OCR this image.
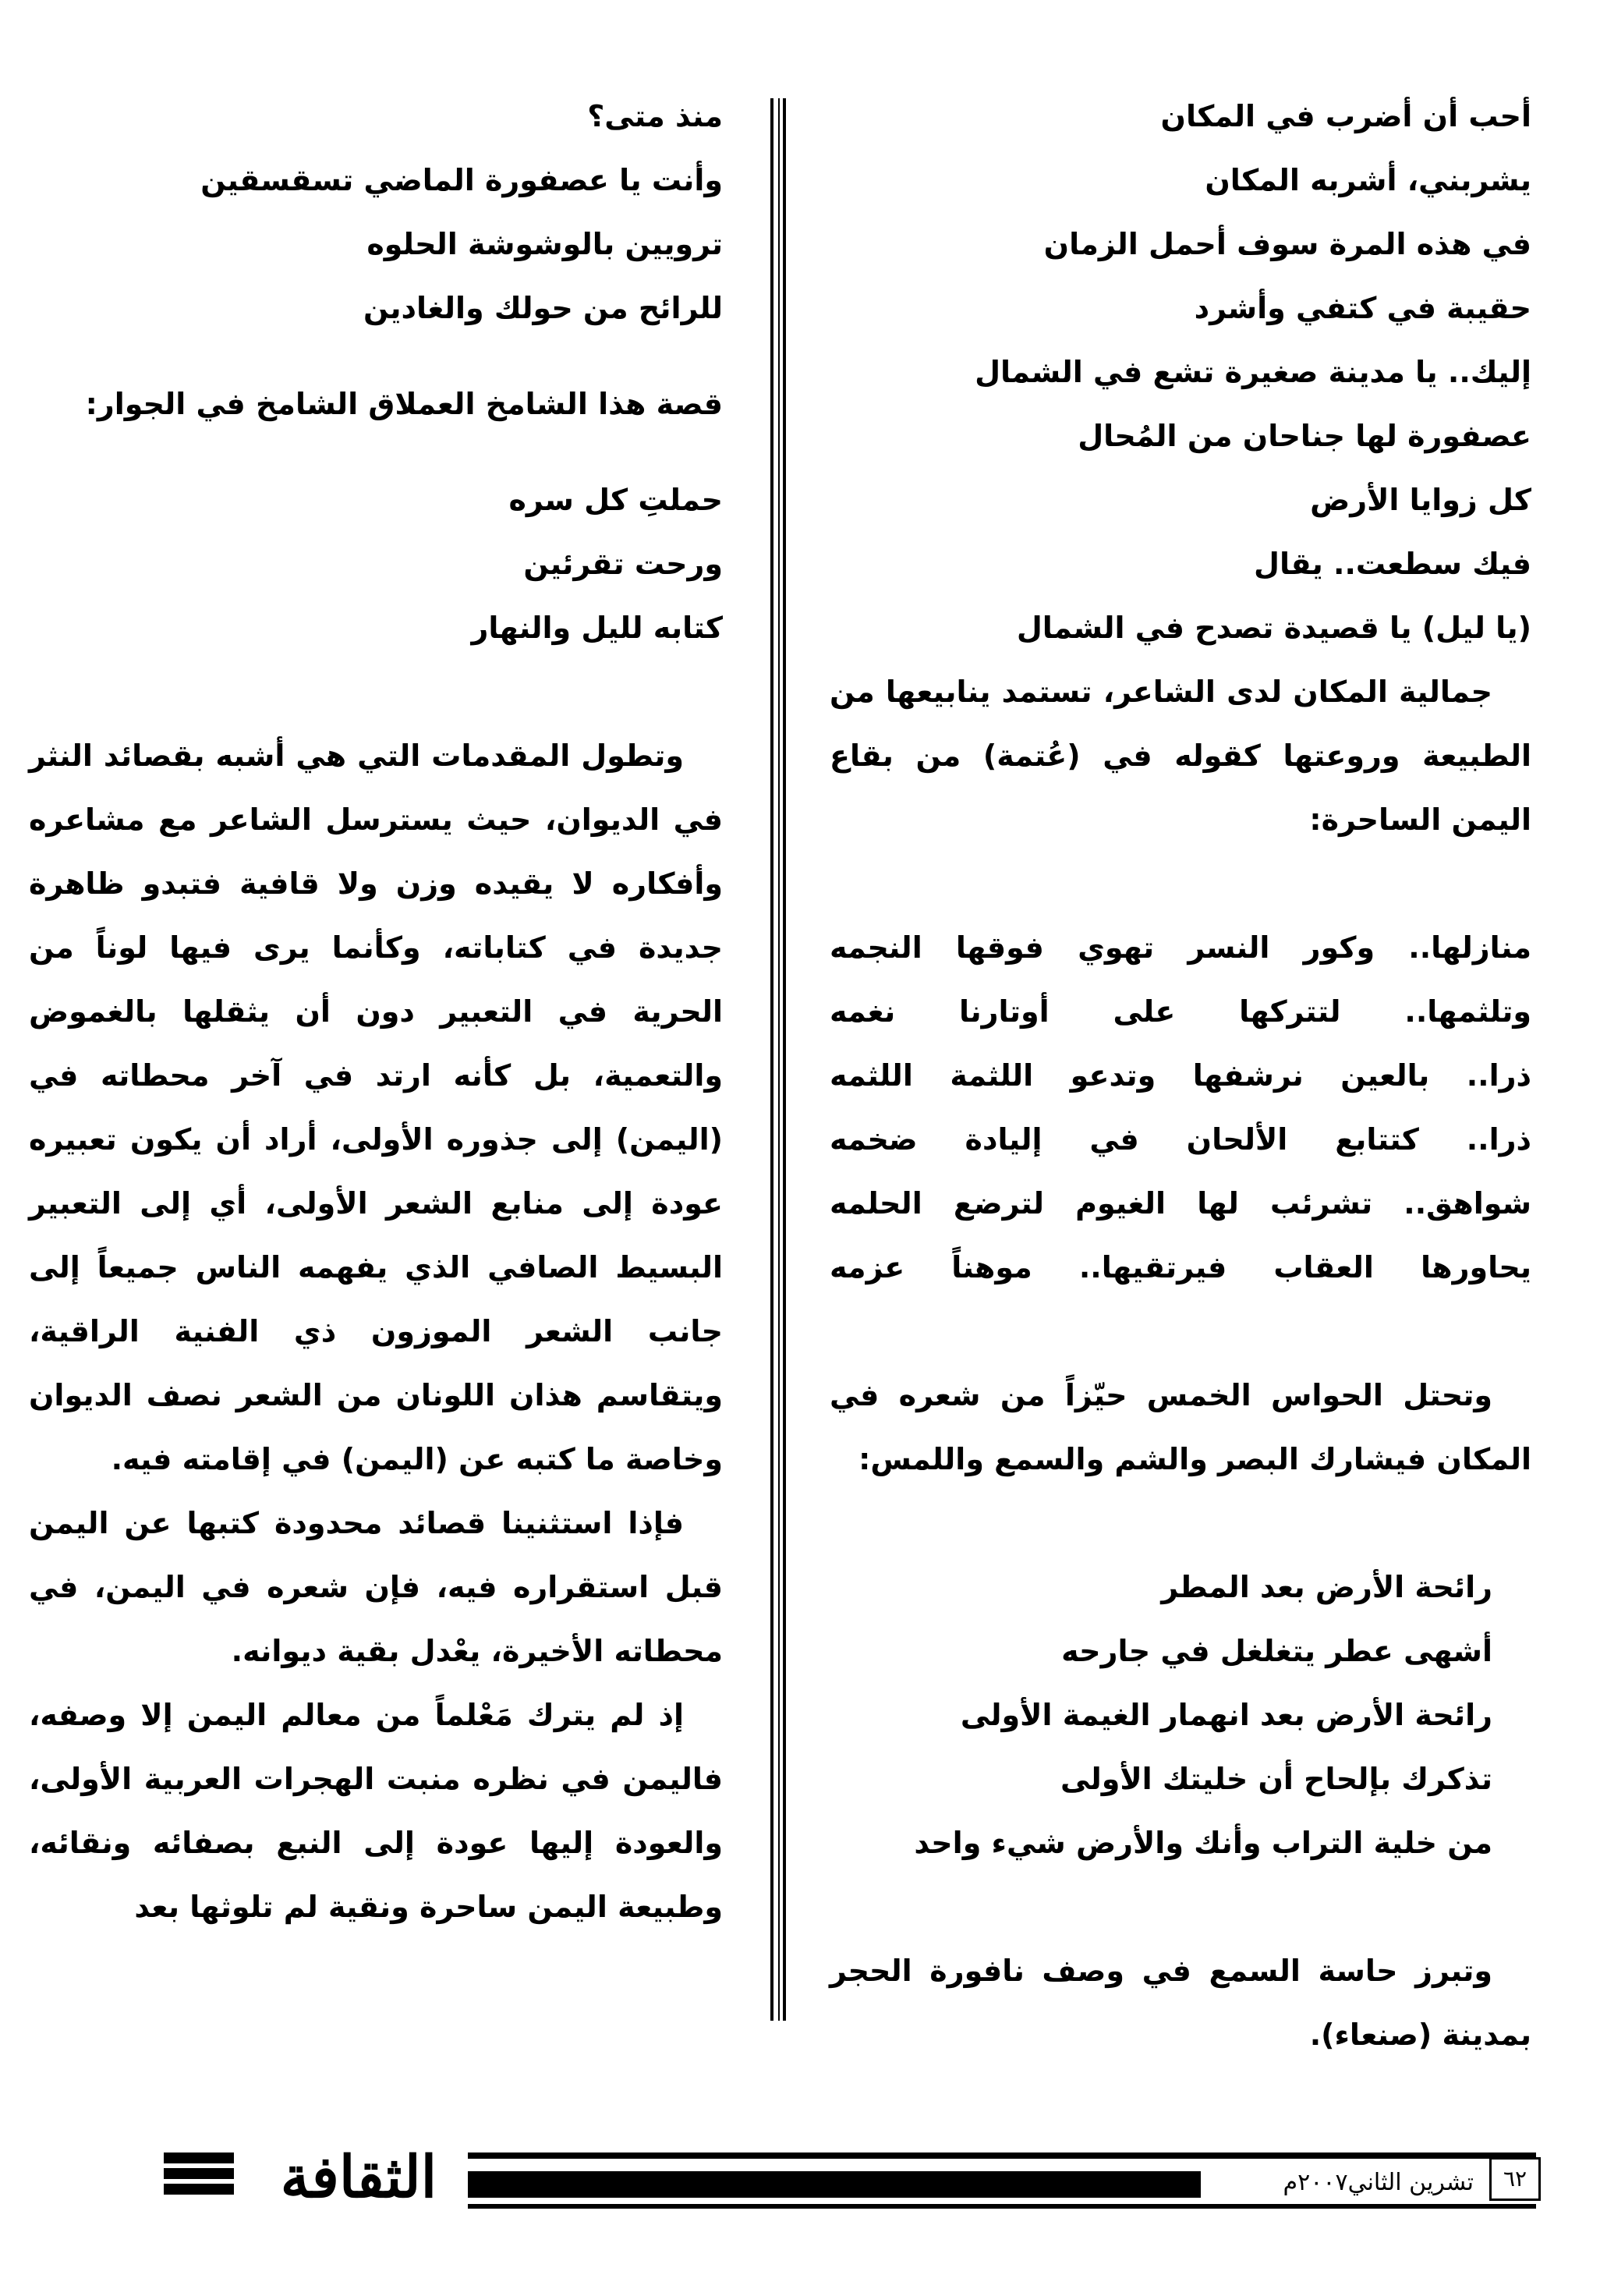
أحب أن أضرب في المكان
يشربني، أشربه المكان
في هذه المرة سوف أحمل الزمان
حقيبة في كتفي وأشرد
إليك.. يا مدينة صغيرة تشع في الشمال
عصفورة لها جناحان من المُحال
كل زوايا الأرض
فيك سطعت.. يقال
(يا ليل) يا قصيدة تصدح في الشمال
جمالية المكان لدى الشاعر، تستمد ينابيعها من الطبيعة وروعتها كقوله في (عُتمة) من بقاع اليمن الساحرة:
منازلها.. وكور النسر تهوي فوقها النجمه
وتلثمها.. لتتركها على أوتارنا نغمه
ذرا.. بالعين نرشفها وتدعو اللثمة اللثمه
ذرا.. كتتابع الألحان في إليادة ضخمه
شواهق.. تشرئب لها الغيوم لترضع الحلمه
يحاورها العقاب فيرتقيها.. موهناً عزمه
وتحتل الحواس الخمس حيّزاً من شعره في المكان فيشارك البصر والشم والسمع واللمس:
رائحة الأرض بعد المطر
أشهى عطر يتغلغل في جارحه
رائحة الأرض بعد انهمار الغيمة الأولى
تذكرك بإلحاح أن خليتك الأولى
من خلية التراب وأنك والأرض شيء واحد
وتبرز حاسة السمع في وصف نافورة الحجر بمدينة (صنعاء).
منذ متى؟
وأنت يا عصفورة الماضي تسقسقين
ترويين بالوشوشة الحلوه
للرائح من حولك والغادين
قصة هذا الشامخ العملاق الشامخ في الجوار:
حملتِ كل سره
ورحت تقرئين
كتابه لليل والنهار
وتطول المقدمات التي هي أشبه بقصائد النثر في الديوان، حيث يسترسل الشاعر مع مشاعره وأفكاره لا يقيده وزن ولا قافية فتبدو ظاهرة جديدة في كتاباته، وكأنما يرى فيها لوناً من الحرية في التعبير دون أن يثقلها بالغموض والتعمية، بل كأنه ارتد في آخر محطاته في (اليمن) إلى جذوره الأولى، أراد أن يكون تعبيره عودة إلى منابع الشعر الأولى، أي إلى التعبير البسيط الصافي الذي يفهمه الناس جميعاً إلى جانب الشعر الموزون ذي الفنية الراقية، ويتقاسم هذان اللونان من الشعر نصف الديوان وخاصة ما كتبه عن (اليمن) في إقامته فيه.
فإذا استثنينا قصائد محدودة كتبها عن اليمن قبل استقراره فيه، فإن شعره في اليمن، في محطاته الأخيرة، يعْدل بقية ديوانه.
إذ لم يترك مَعْلماً من معالم اليمن إلا وصفه، فاليمن في نظره منبت الهجرات العربية الأولى، والعودة إليها عودة إلى النبع بصفائه ونقائه، وطبيعة اليمن ساحرة ونقية لم تلوثها بعد
الثقافة	تشرين الثاني٢٠٠٧م	٦٢
